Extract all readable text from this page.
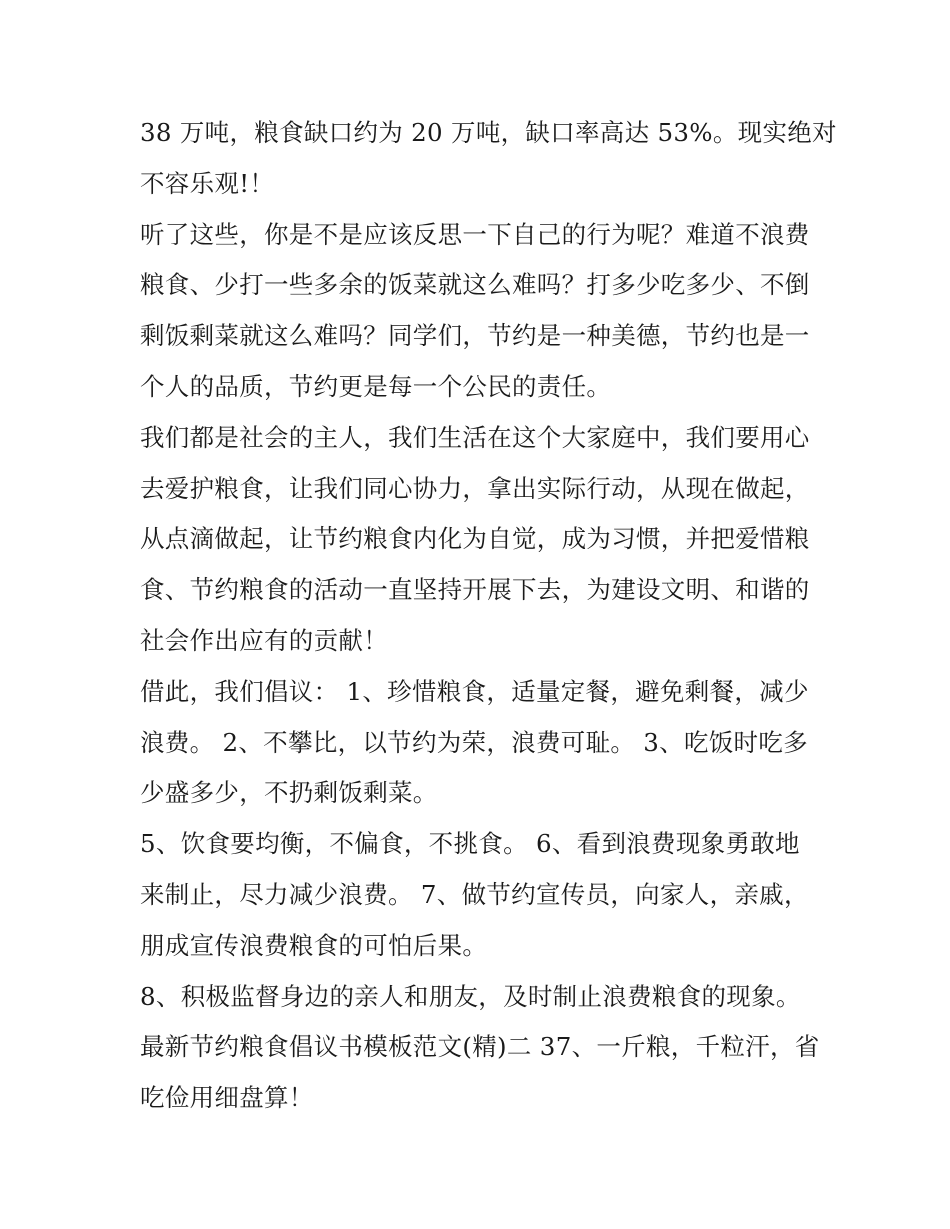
38 万吨，粮食缺口约为 20 万吨，缺口率高达 53%。现实绝对
不容乐观!！
听了这些，你是不是应该反思一下自己的行为呢？难道不浪费
粮食、少打一些多余的饭菜就这么难吗？打多少吃多少、不倒
剩饭剩菜就这么难吗？同学们，节约是一种美德，节约也是一
个人的品质，节约更是每一个公民的责任。
我们都是社会的主人，我们生活在这个大家庭中，我们要用心
去爱护粮食，让我们同心协力，拿出实际行动，从现在做起，
从点滴做起，让节约粮食内化为自觉，成为习惯，并把爱惜粮
食、节约粮食的活动一直坚持开展下去，为建设文明、和谐的
社会作出应有的贡献！
借此，我们倡议： 1、珍惜粮食，适量定餐，避免剩餐，减少
浪费。 2、不攀比，以节约为荣，浪费可耻。 3、吃饭时吃多
少盛多少，不扔剩饭剩菜。
5、饮食要均衡，不偏食，不挑食。 6、看到浪费现象勇敢地
来制止，尽力减少浪费。 7、做节约宣传员，向家人，亲戚，
朋成宣传浪费粮食的可怕后果。
8、积极监督身边的亲人和朋友，及时制止浪费粮食的现象。
最新节约粮食倡议书模板范文(精)二 37、一斤粮，千粒汗，省
吃俭用细盘算！
